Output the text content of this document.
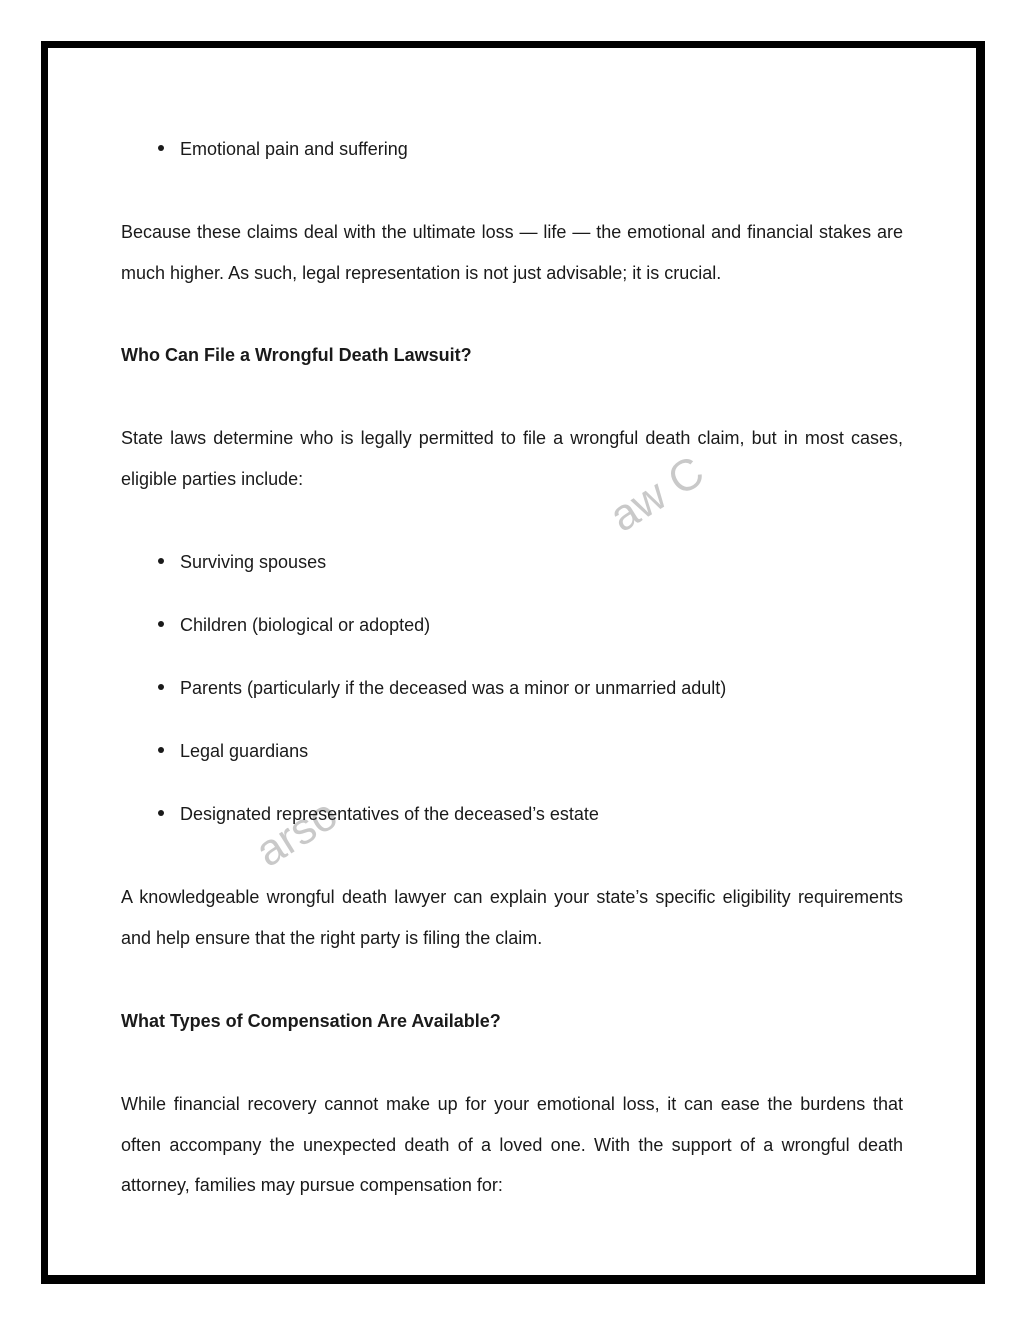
aw C
arso
Emotional pain and suffering
Because these claims deal with the ultimate loss — life — the emotional and financial stakes are
much higher. As such, legal representation is not just advisable; it is crucial.
Who Can File a Wrongful Death Lawsuit?
State laws determine who is legally permitted to file a wrongful death claim, but in most cases,
eligible parties include:
Surviving spouses
Children (biological or adopted)
Parents (particularly if the deceased was a minor or unmarried adult)
Legal guardians
Designated representatives of the deceased’s estate
A knowledgeable wrongful death lawyer can explain your state’s specific eligibility requirements
and help ensure that the right party is filing the claim.
What Types of Compensation Are Available?
While financial recovery cannot make up for your emotional loss, it can ease the burdens that
often accompany the unexpected death of a loved one. With the support of a wrongful death
attorney, families may pursue compensation for:
